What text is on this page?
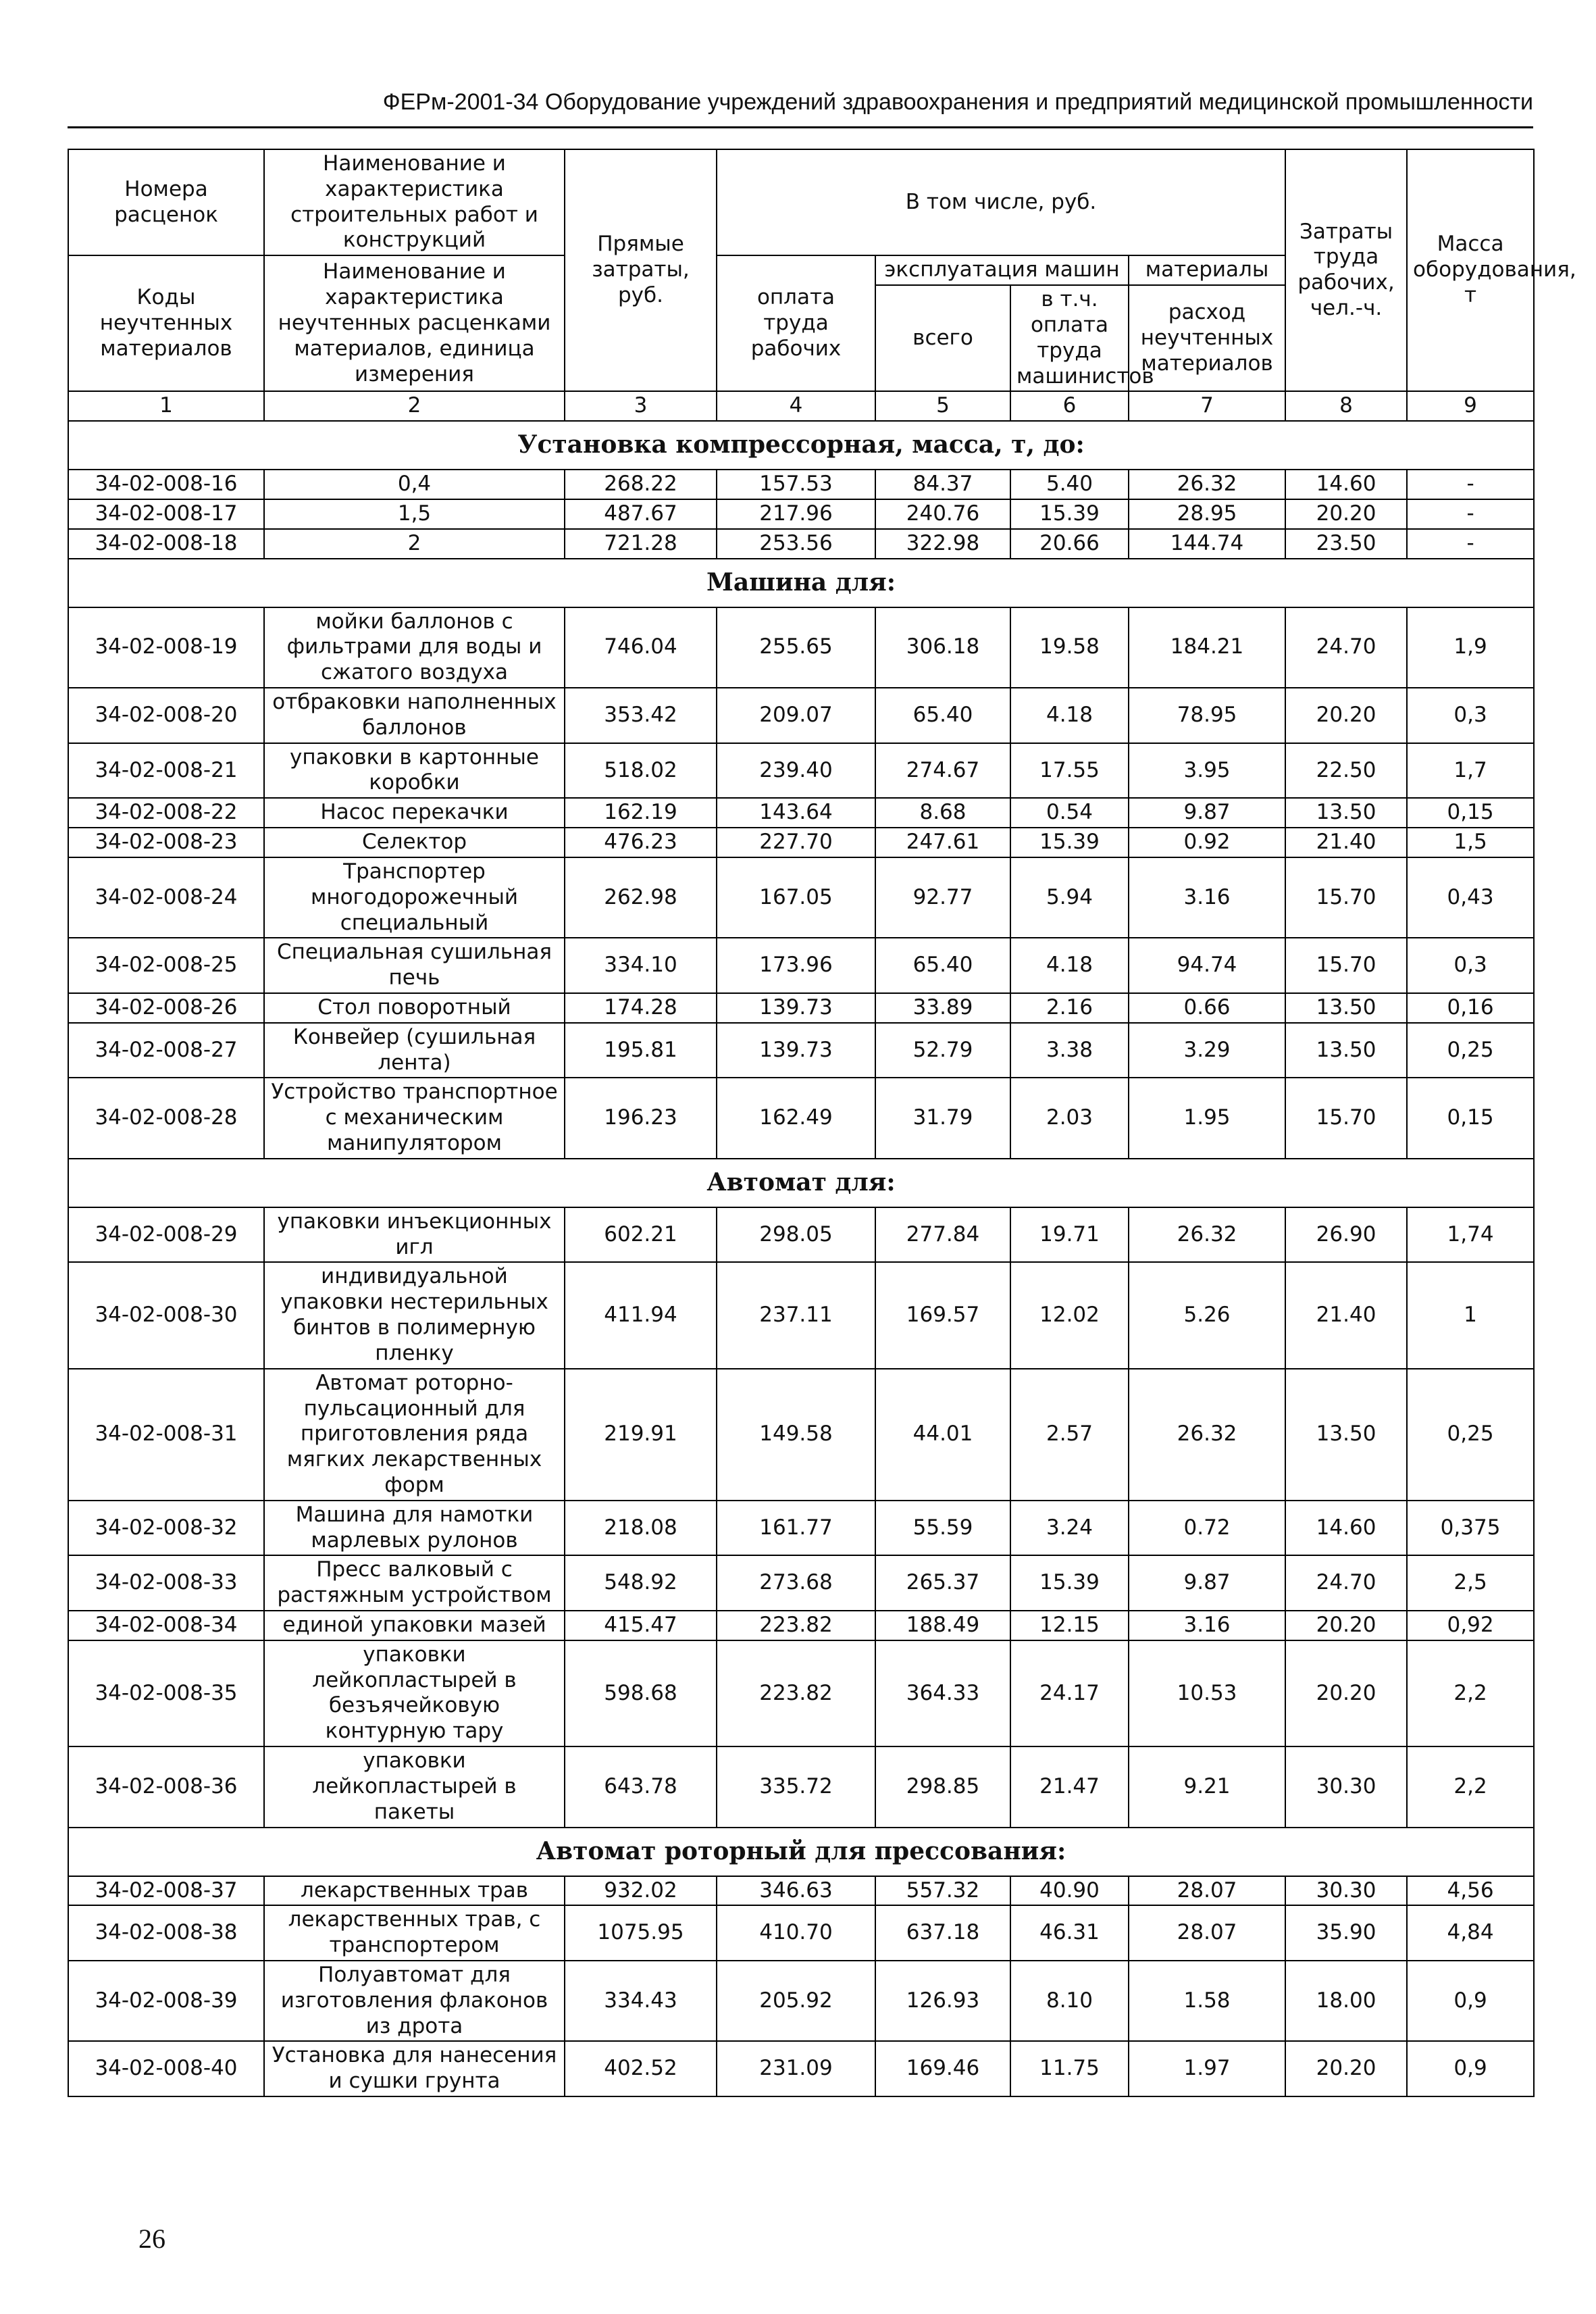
ФЕРм-2001-34 Оборудование учреждений здравоохранения и предприятий медицинской промышленности
Номера расценок	Наименование и характеристика строительных работ и конструкций	Прямые затраты, руб.	В том числе, руб.				Затраты труда рабочих, чел.-ч.	Масса оборудования, т
Коды неучтенных материалов	Наименование и характеристика неучтенных расценками материалов, единица измерения		оплата труда рабочих	эксплуатация машин		материалы		
				всего	в т.ч. оплата труда машинистов	расход неучтенных материалов		
1	2	3	4	5	6	7	8	9
Установка компрессорная, масса, т, до:								
34-02-008-16	0,4	268.22	157.53	84.37	5.40	26.32	14.60	-
34-02-008-17	1,5	487.67	217.96	240.76	15.39	28.95	20.20	-
34-02-008-18	2	721.28	253.56	322.98	20.66	144.74	23.50	-
Машина для:								
34-02-008-19	мойки баллонов с фильтрами для воды и сжатого воздуха	746.04	255.65	306.18	19.58	184.21	24.70	1,9
34-02-008-20	отбраковки наполненных баллонов	353.42	209.07	65.40	4.18	78.95	20.20	0,3
34-02-008-21	упаковки в картонные коробки	518.02	239.40	274.67	17.55	3.95	22.50	1,7
34-02-008-22	Насос перекачки	162.19	143.64	8.68	0.54	9.87	13.50	0,15
34-02-008-23	Селектор	476.23	227.70	247.61	15.39	0.92	21.40	1,5
34-02-008-24	Транспортер многодорожечный специальный	262.98	167.05	92.77	5.94	3.16	15.70	0,43
34-02-008-25	Специальная сушильная печь	334.10	173.96	65.40	4.18	94.74	15.70	0,3
34-02-008-26	Стол поворотный	174.28	139.73	33.89	2.16	0.66	13.50	0,16
34-02-008-27	Конвейер (сушильная лента)	195.81	139.73	52.79	3.38	3.29	13.50	0,25
34-02-008-28	Устройство транспортное с механическим манипулятором	196.23	162.49	31.79	2.03	1.95	15.70	0,15
Автомат для:								
34-02-008-29	упаковки инъекционных игл	602.21	298.05	277.84	19.71	26.32	26.90	1,74
34-02-008-30	индивидуальной упаковки нестерильных бинтов в полимерную пленку	411.94	237.11	169.57	12.02	5.26	21.40	1
34-02-008-31	Автомат роторно-пульсационный для приготовления ряда мягких лекарственных форм	219.91	149.58	44.01	2.57	26.32	13.50	0,25
34-02-008-32	Машина для намотки марлевых рулонов	218.08	161.77	55.59	3.24	0.72	14.60	0,375
34-02-008-33	Пресс валковый с растяжным устройством	548.92	273.68	265.37	15.39	9.87	24.70	2,5
34-02-008-34	единой упаковки мазей	415.47	223.82	188.49	12.15	3.16	20.20	0,92
34-02-008-35	упаковки лейкопластырей в безъячейковую контурную тару	598.68	223.82	364.33	24.17	10.53	20.20	2,2
34-02-008-36	упаковки лейкопластырей в пакеты	643.78	335.72	298.85	21.47	9.21	30.30	2,2
Автомат роторный для прессования:								
34-02-008-37	лекарственных трав	932.02	346.63	557.32	40.90	28.07	30.30	4,56
34-02-008-38	лекарственных трав, с транспортером	1075.95	410.70	637.18	46.31	28.07	35.90	4,84
34-02-008-39	Полуавтомат для изготовления флаконов из дрота	334.43	205.92	126.93	8.10	1.58	18.00	0,9
34-02-008-40	Установка для нанесения и сушки грунта	402.52	231.09	169.46	11.75	1.97	20.20	0,9
26
